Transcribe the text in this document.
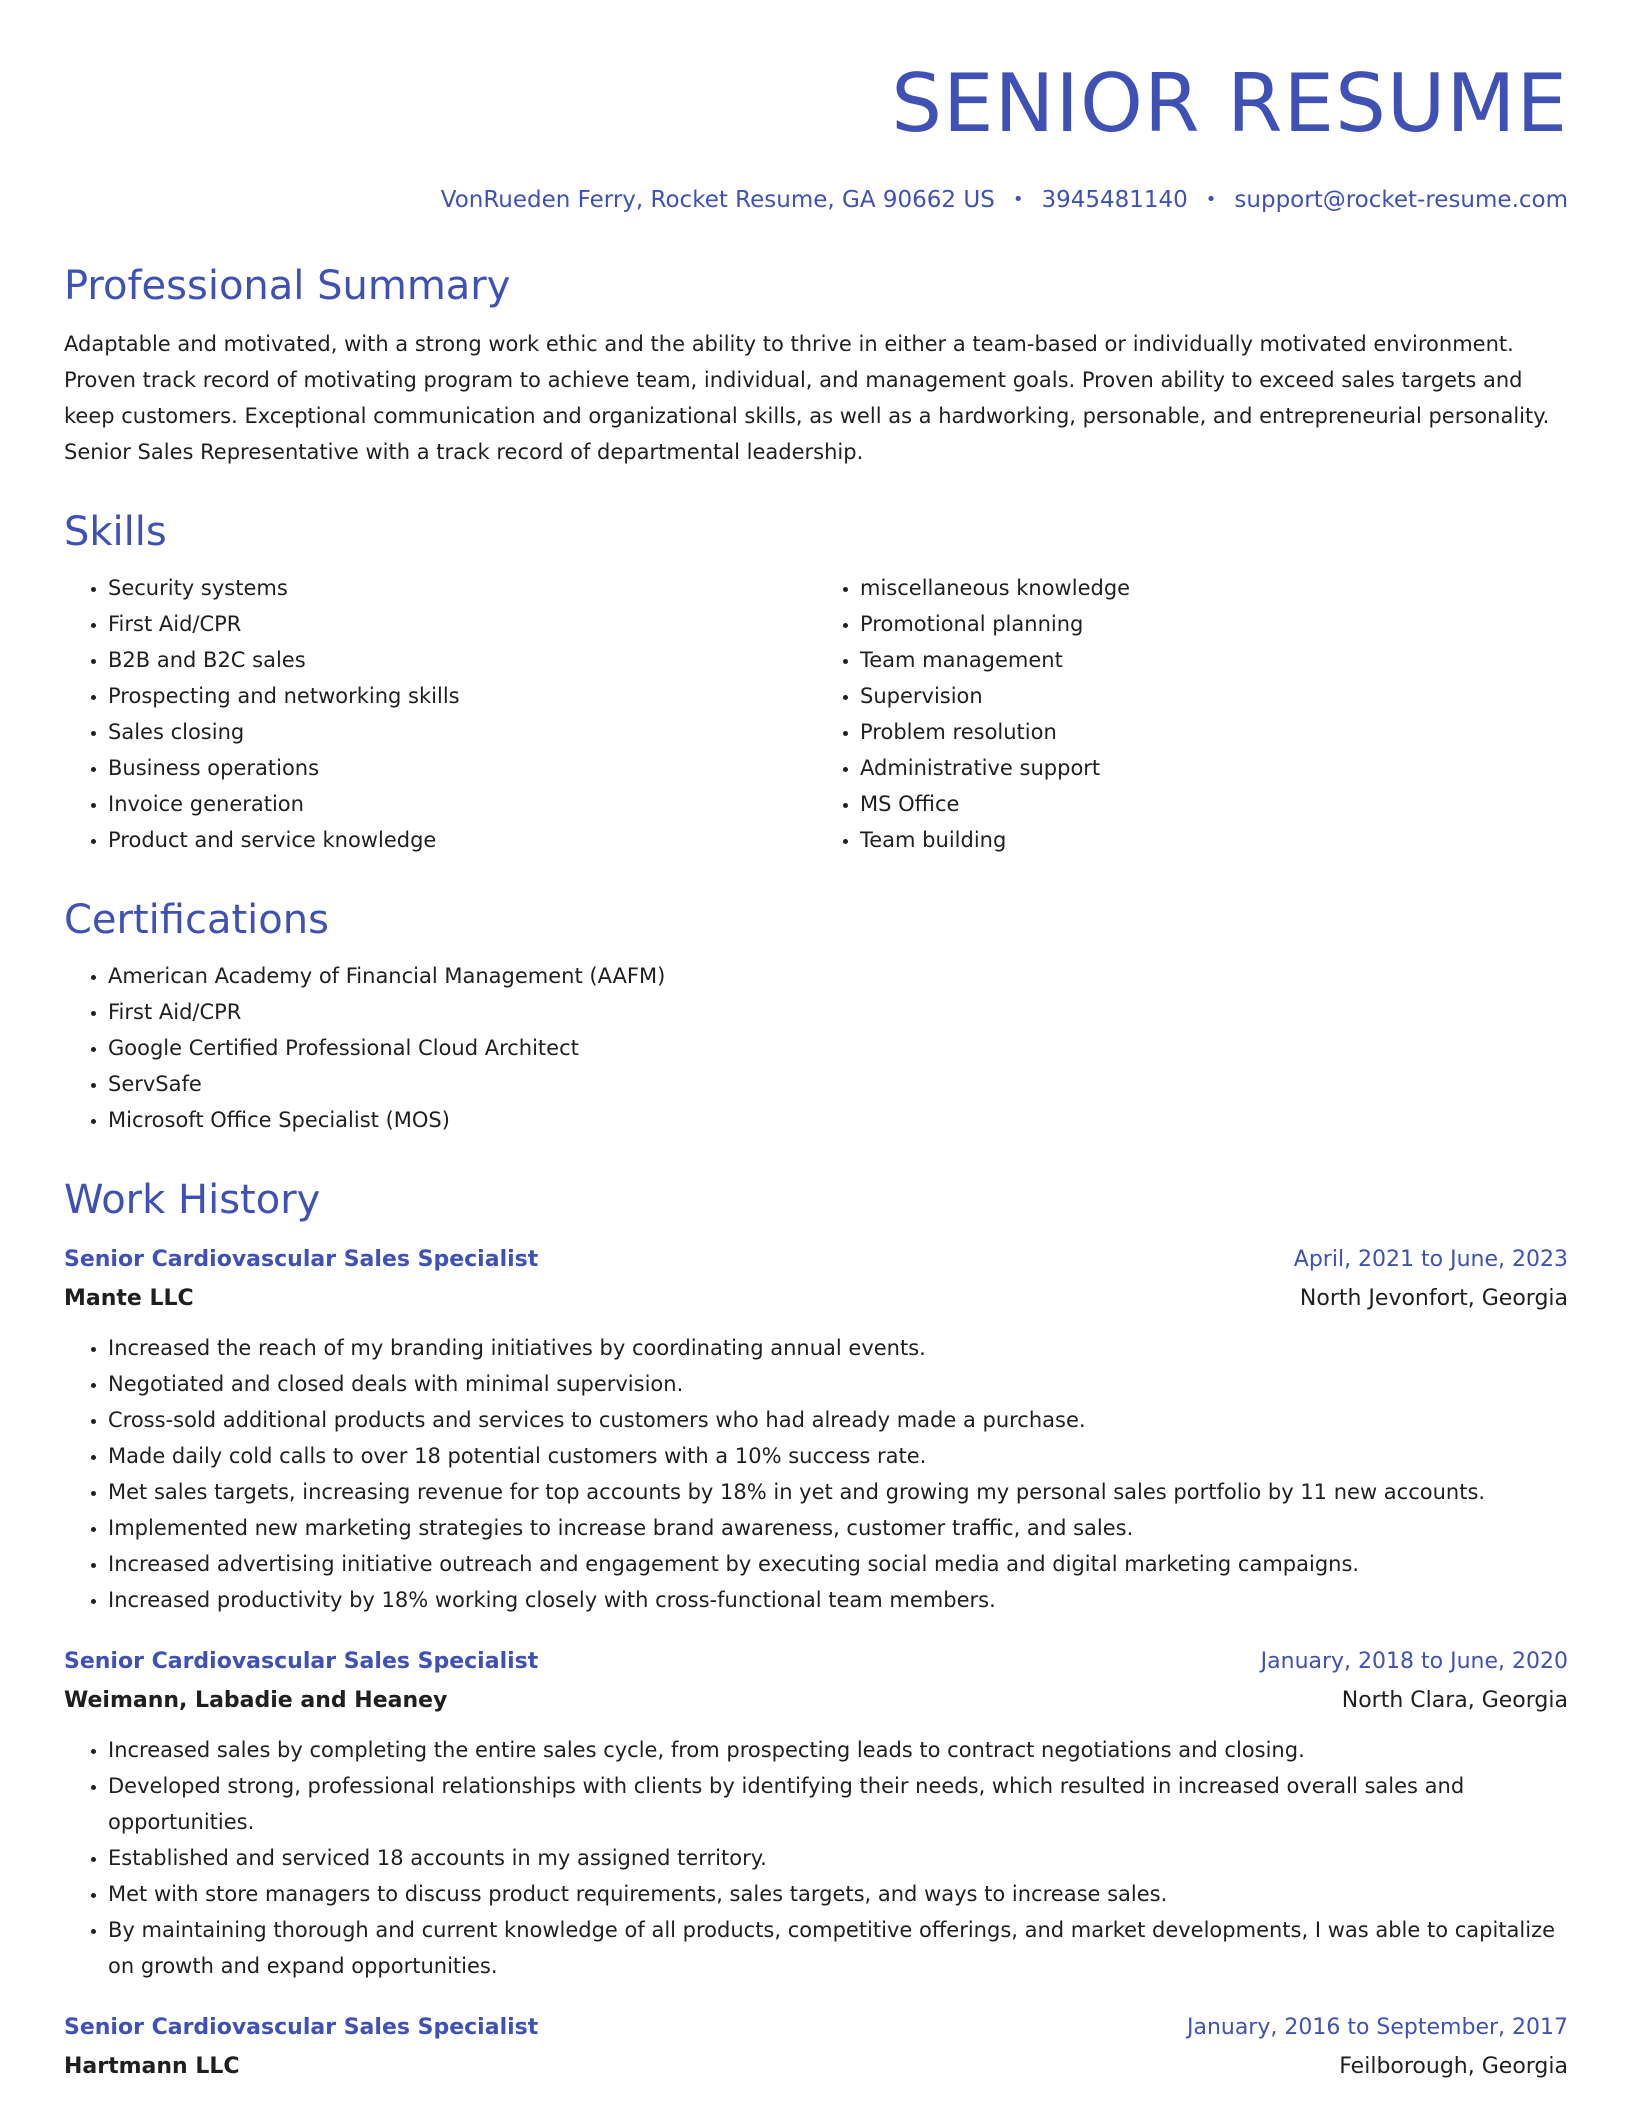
SENIOR RESUME
VonRueden Ferry, Rocket Resume, GA 90662 US • 3945481140 • support@rocket-resume.com
Professional Summary

Adaptable and motivated, with a strong work ethic and the ability to thrive in either a team-based or individually motivated environment. Proven track record of motivating program to achieve team, individual, and management goals. Proven ability to exceed sales targets and keep customers. Exceptional communication and organizational skills, as well as a hardworking, personable, and entrepreneurial personality. Senior Sales Representative with a track record of departmental leadership.

Skills
• Security systems
• First Aid/CPR
• B2B and B2C sales
• Prospecting and networking skills
• Sales closing
• Business operations
• Invoice generation
• Product and service knowledge
• miscellaneous knowledge
• Promotional planning
• Team management
• Supervision
• Problem resolution
• Administrative support
• MS Office
• Team building
Certifications
• American Academy of Financial Management (AAFM)
• First Aid/CPR
• Google Certified Professional Cloud Architect
• ServSafe
• Microsoft Office Specialist (MOS)
Work History
Senior Cardiovascular Sales Specialist	April, 2021 to June, 2023
Mante LLC	North Jevonfort, Georgia
• Increased the reach of my branding initiatives by coordinating annual events.
• Negotiated and closed deals with minimal supervision.
• Cross-sold additional products and services to customers who had already made a purchase.
• Made daily cold calls to over 18 potential customers with a 10% success rate.
• Met sales targets, increasing revenue for top accounts by 18% in yet and growing my personal sales portfolio by 11 new accounts.
• Implemented new marketing strategies to increase brand awareness, customer traffic, and sales.
• Increased advertising initiative outreach and engagement by executing social media and digital marketing campaigns.
• Increased productivity by 18% working closely with cross-functional team members.
Senior Cardiovascular Sales Specialist	January, 2018 to June, 2020
Weimann, Labadie and Heaney	North Clara, Georgia
• Increased sales by completing the entire sales cycle, from prospecting leads to contract negotiations and closing.
• Developed strong, professional relationships with clients by identifying their needs, which resulted in increased overall sales and opportunities.
• Established and serviced 18 accounts in my assigned territory.
• Met with store managers to discuss product requirements, sales targets, and ways to increase sales.
• By maintaining thorough and current knowledge of all products, competitive offerings, and market developments, I was able to capitalize on growth and expand opportunities.
Senior Cardiovascular Sales Specialist	January, 2016 to September, 2017
Hartmann LLC	Feilborough, Georgia
